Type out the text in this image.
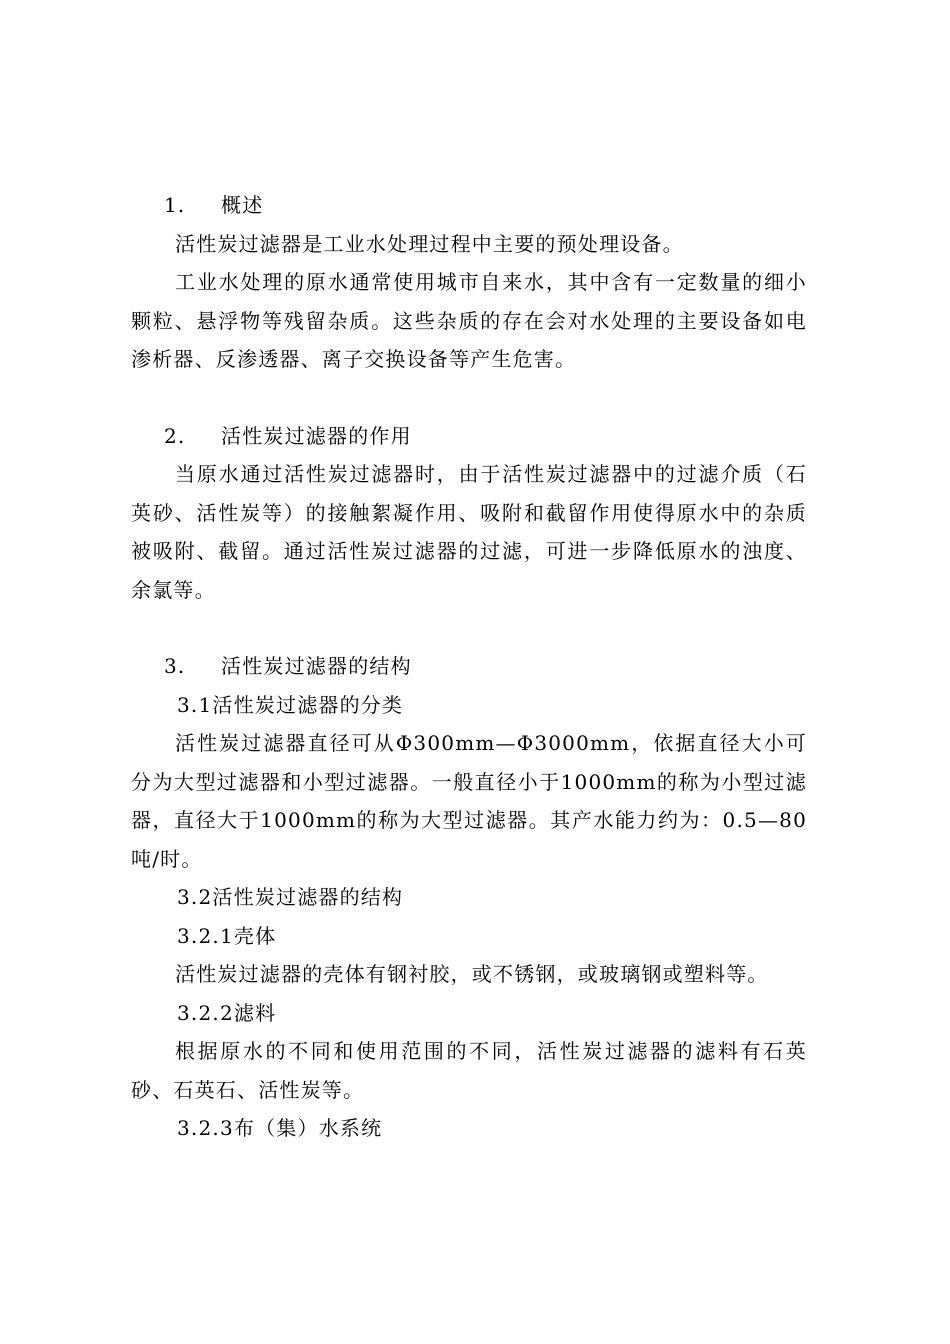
1. 概述

活性炭过滤器是工业水处理过程中主要的预处理设备。

工业水处理的原水通常使用城市自来水，其中含有一定数量的细小颗粒、悬浮物等残留杂质。这些杂质的存在会对水处理的主要设备如电渗析器、反渗透器、离子交换设备等产生危害。

2. 活性炭过滤器的作用

当原水通过活性炭过滤器时，由于活性炭过滤器中的过滤介质（石英砂、活性炭等）的接触絮凝作用、吸附和截留作用使得原水中的杂质被吸附、截留。通过活性炭过滤器的过滤，可进一步降低原水的浊度、余氯等。

3. 活性炭过滤器的结构

3.1活性炭过滤器的分类

活性炭过滤器直径可从Φ300mm—Φ3000mm，依据直径大小可分为大型过滤器和小型过滤器。一般直径小于1000mm的称为小型过滤器，直径大于1000mm的称为大型过滤器。其产水能力约为：0.5—80吨/时。

3.2活性炭过滤器的结构

3.2.1壳体

活性炭过滤器的壳体有钢衬胶，或不锈钢，或玻璃钢或塑料等。

3.2.2滤料

根据原水的不同和使用范围的不同，活性炭过滤器的滤料有石英砂、石英石、活性炭等。

3.2.3布（集）水系统
